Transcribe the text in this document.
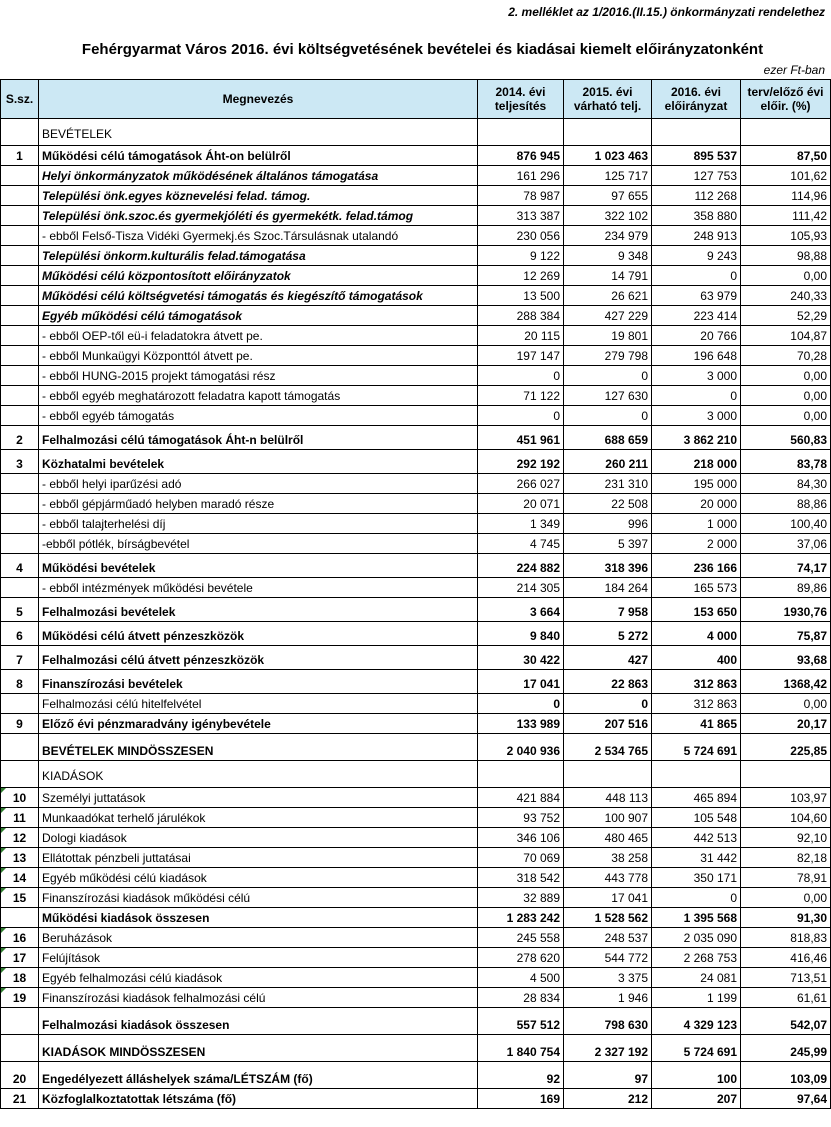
2. melléklet az 1/2016.(II.15.) önkormányzati rendelethez
Fehérgyarmat Város 2016. évi költségvetésének bevételei és kiadásai kiemelt előirányzatonként
ezer Ft-ban
S.sz.	Megnevezés	2014. évi teljesítés	2015. évi várható telj.	2016. évi előirányzat	terv/előző évi előir. (%)
	BEVÉTELEK				
1	Működési célú támogatások Áht-on belülről	876 945	1 023 463	895 537	87,50
	Helyi önkormányzatok működésének általános támogatása	161 296	125 717	127 753	101,62
	Települési önk.egyes köznevelési felad. támog.	78 987	97 655	112 268	114,96
	Települési önk.szoc.és gyermekjóléti és gyermekétk. felad.támog	313 387	322 102	358 880	111,42
	- ebből Felső-Tisza Vidéki Gyermekj.és Szoc.Társulásnak utalandó	230 056	234 979	248 913	105,93
	Települési önkorm.kulturális felad.támogatása	9 122	9 348	9 243	98,88
	Működési célú központosított előirányzatok	12 269	14 791	0	0,00
	Működési célú költségvetési támogatás és kiegészítő támogatások	13 500	26 621	63 979	240,33
	Egyéb működési célú támogatások	288 384	427 229	223 414	52,29
	- ebből OEP-től eü-i feladatokra átvett pe.	20 115	19 801	20 766	104,87
	- ebből Munkaügyi Központtól átvett pe.	197 147	279 798	196 648	70,28
	- ebből HUNG-2015 projekt támogatási rész	0	0	3 000	0,00
	- ebből egyéb meghatározott feladatra kapott támogatás	71 122	127 630	0	0,00
	- ebből egyéb támogatás	0	0	3 000	0,00
2	Felhalmozási célú támogatások Áht-n belülről	451 961	688 659	3 862 210	560,83
3	Közhatalmi bevételek	292 192	260 211	218 000	83,78
	- ebből helyi iparűzési adó	266 027	231 310	195 000	84,30
	- ebből gépjárműadó helyben maradó része	20 071	22 508	20 000	88,86
	- ebből talajterhelési díj	1 349	996	1 000	100,40
	-ebből pótlék, bírságbevétel	4 745	5 397	2 000	37,06
4	Működési bevételek	224 882	318 396	236 166	74,17
	- ebből intézmények működési bevétele	214 305	184 264	165 573	89,86
5	Felhalmozási bevételek	3 664	7 958	153 650	1930,76
6	Működési célú átvett pénzeszközök	9 840	5 272	4 000	75,87
7	Felhalmozási célú átvett pénzeszközök	30 422	427	400	93,68
8	Finanszírozási bevételek	17 041	22 863	312 863	1368,42
	Felhalmozási célú hitelfelvétel	0	0	312 863	0,00
9	Előző évi pénzmaradvány igénybevétele	133 989	207 516	41 865	20,17
	BEVÉTELEK MINDÖSSZESEN	2 040 936	2 534 765	5 724 691	225,85
	KIADÁSOK				
10	Személyi juttatások	421 884	448 113	465 894	103,97
11	Munkaadókat terhelő járulékok	93 752	100 907	105 548	104,60
12	Dologi kiadások	346 106	480 465	442 513	92,10
13	Ellátottak pénzbeli juttatásai	70 069	38 258	31 442	82,18
14	Egyéb működési célú kiadások	318 542	443 778	350 171	78,91
15	Finanszírozási kiadások működési célú	32 889	17 041	0	0,00
	Működési kiadások összesen	1 283 242	1 528 562	1 395 568	91,30
16	Beruházások	245 558	248 537	2 035 090	818,83
17	Felújítások	278 620	544 772	2 268 753	416,46
18	Egyéb felhalmozási célú kiadások	4 500	3 375	24 081	713,51
19	Finanszírozási kiadások felhalmozási célú	28 834	1 946	1 199	61,61
	Felhalmozási kiadások összesen	557 512	798 630	4 329 123	542,07
	KIADÁSOK MINDÖSSZESEN	1 840 754	2 327 192	5 724 691	245,99
20	Engedélyezett álláshelyek száma/LÉTSZÁM (fő)	92	97	100	103,09
21	Közfoglalkoztatottak létszáma (fő)	169	212	207	97,64
